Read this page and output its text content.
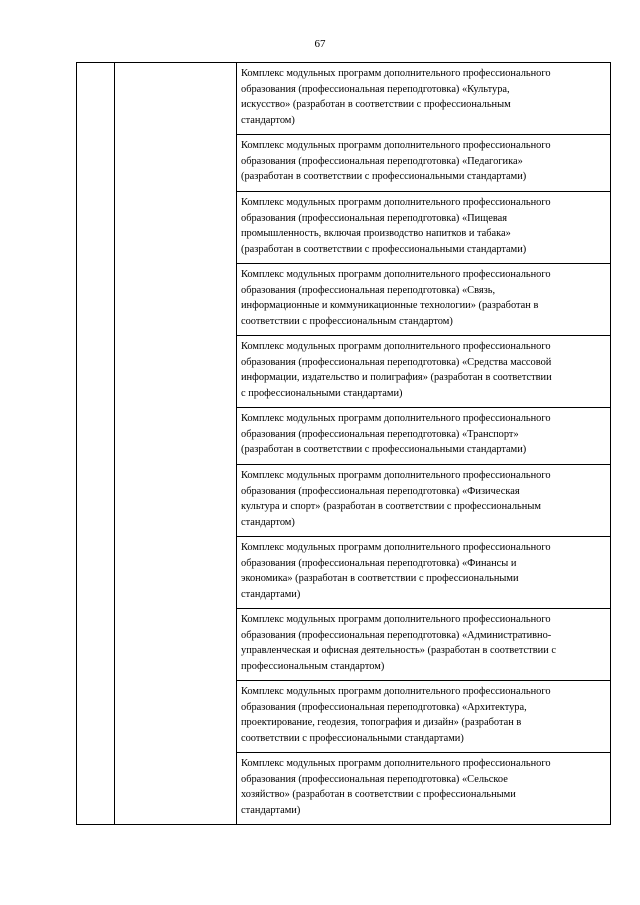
67

Комплекс модульных программ дополнительного профессионального
образования (профессиональная переподготовка) «Культура,
искусство» (разработан в соответствии с профессиональным
стандартом)

Комплекс модульных программ дополнительного профессионального
образования (профессиональная переподготовка) «Педагогика»
(разработан в соответствии с профессиональными стандартами)

Комплекс модульных программ дополнительного профессионального
образования (профессиональная переподготовка) «Пищевая
промышленность, включая производство напитков и табака»
(разработан в соответствии с профессиональными стандартами)

Комплекс модульных программ дополнительного профессионального
образования (профессиональная переподготовка) «Связь,
информационные и коммуникационные технологии» (разработан в
соответствии с профессиональным стандартом)

Комплекс модульных программ дополнительного профессионального
образования (профессиональная переподготовка) «Средства массовой
информации, издательство и полиграфия» (разработан в соответствии
с профессиональными стандартами)

Комплекс модульных программ дополнительного профессионального
образования (профессиональная переподготовка) «Транспорт»
(разработан в соответствии с профессиональными стандартами)

Комплекс модульных программ дополнительного профессионального
образования (профессиональная переподготовка) «Физическая
культура и спорт» (разработан в соответствии с профессиональным
стандартом)

Комплекс модульных программ дополнительного профессионального
образования (профессиональная переподготовка) «Финансы и
экономика» (разработан в соответствии с профессиональными
стандартами)

Комплекс модульных программ дополнительного профессионального
образования (профессиональная переподготовка) «Административно-
управленческая и офисная деятельность» (разработан в соответствии с
профессиональным стандартом)

Комплекс модульных программ дополнительного профессионального
образования (профессиональная переподготовка) «Архитектура,
проектирование, геодезия, топография и дизайн» (разработан в
соответствии с профессиональными стандартами)

Комплекс модульных программ дополнительного профессионального
образования (профессиональная переподготовка) «Сельское
хозяйство» (разработан в соответствии с профессиональными
стандартами)
